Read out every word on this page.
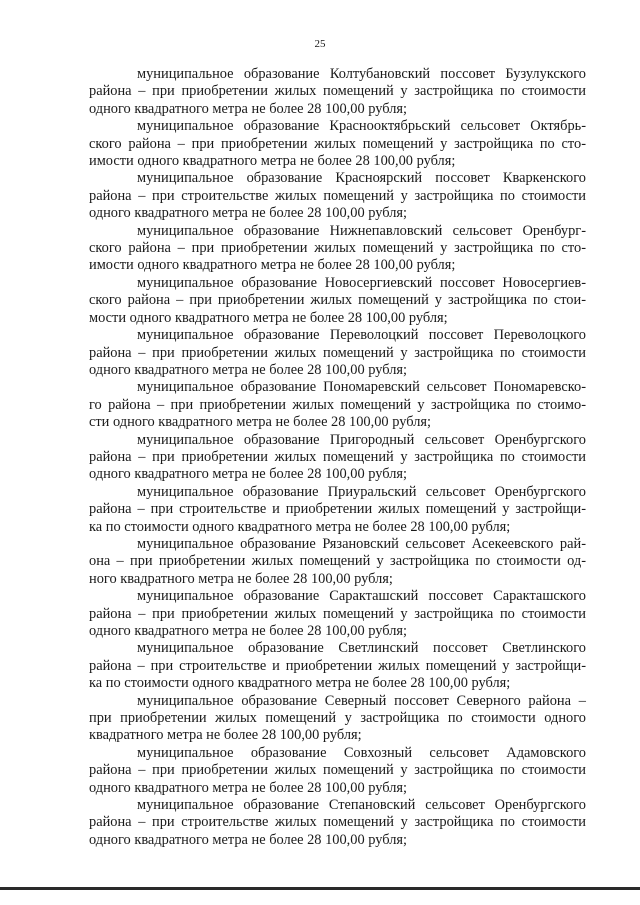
25

муниципальное образование Колтубановский поссовет Бузулукского
района – при приобретении жилых помещений у застройщика по стоимости
одного квадратного метра не более 28 100,00 рубля;

муниципальное образование Краснооктябрьский сельсовет Октябрь-
ского района – при приобретении жилых помещений у застройщика по сто-
имости одного квадратного метра не более 28 100,00 рубля;

муниципальное образование Красноярский поссовет Кваркенского
района – при строительстве жилых помещений у застройщика по стоимости
одного квадратного метра не более 28 100,00 рубля;

муниципальное образование Нижнепавловский сельсовет Оренбург-
ского района – при приобретении жилых помещений у застройщика по сто-
имости одного квадратного метра не более 28 100,00 рубля;

муниципальное образование Новосергиевский поссовет Новосергиев-
ского района – при приобретении жилых помещений у застройщика по стои-
мости одного квадратного метра не более 28 100,00 рубля;

муниципальное образование Переволоцкий поссовет Переволоцкого
района – при приобретении жилых помещений у застройщика по стоимости
одного квадратного метра не более 28 100,00 рубля;

муниципальное образование Пономаревский сельсовет Пономаревско-
го района – при приобретении жилых помещений у застройщика по стоимо-
сти одного квадратного метра не более 28 100,00 рубля;

муниципальное образование Пригородный сельсовет Оренбургского
района – при приобретении жилых помещений у застройщика по стоимости
одного квадратного метра не более 28 100,00 рубля;

муниципальное образование Приуральский сельсовет Оренбургского
района – при строительстве и приобретении жилых помещений у застройщи-
ка по стоимости одного квадратного метра не более 28 100,00 рубля;

муниципальное образование Рязановский сельсовет Асекеевского рай-
она – при приобретении жилых помещений у застройщика по стоимости од-
ного квадратного метра не более 28 100,00 рубля;

муниципальное образование Саракташский поссовет Саракташского
района – при приобретении жилых помещений у застройщика по стоимости
одного квадратного метра не более 28 100,00 рубля;

муниципальное образование Светлинский поссовет Светлинского
района – при строительстве и приобретении жилых помещений у застройщи-
ка по стоимости одного квадратного метра не более 28 100,00 рубля;

муниципальное образование Северный поссовет Северного района –
при приобретении жилых помещений у застройщика по стоимости одного
квадратного метра не более 28 100,00 рубля;

муниципальное образование Совхозный сельсовет Адамовского
района – при приобретении жилых помещений у застройщика по стоимости
одного квадратного метра не более 28 100,00 рубля;

муниципальное образование Степановский сельсовет Оренбургского
района – при строительстве жилых помещений у застройщика по стоимости
одного квадратного метра не более 28 100,00 рубля;
